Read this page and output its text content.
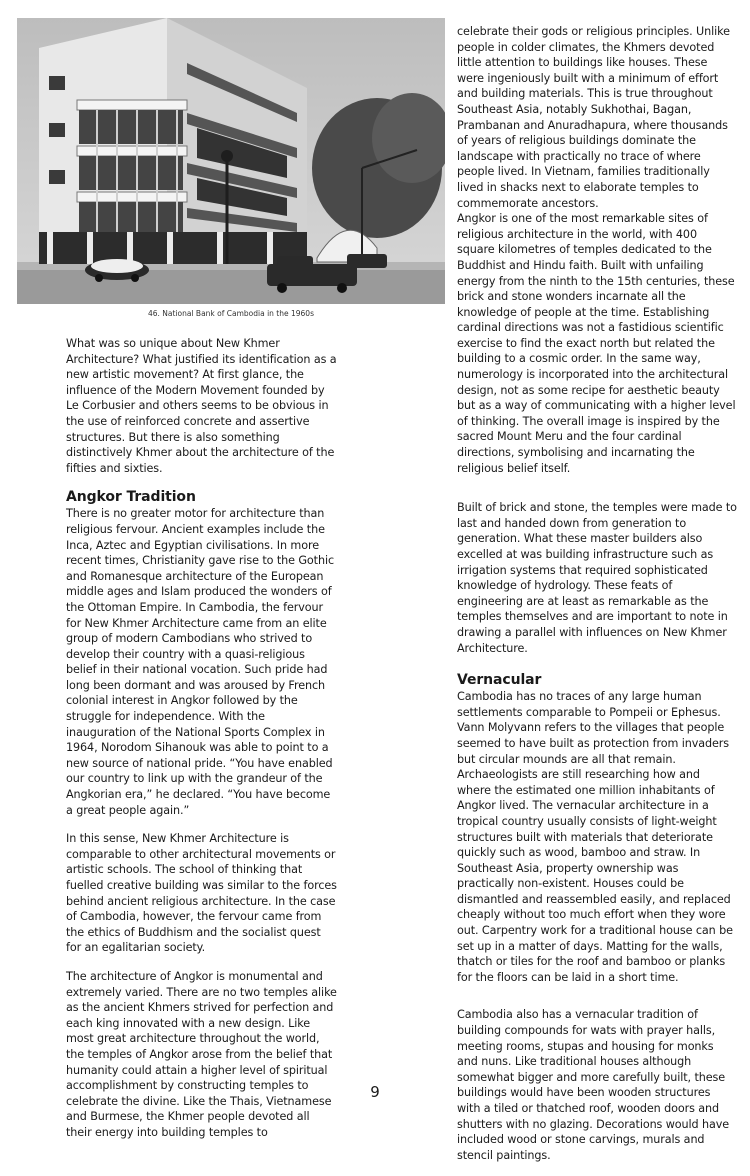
46. National Bank of Cambodia in the 1960s

What was so unique about New Khmer Architecture? What justified its identification as a new artistic movement? At first glance, the influence of the Modern Movement founded by Le Corbusier and others seems to be obvious in the use of reinforced concrete and assertive structures. But there is also something distinctively Khmer about the architecture of the fifties and sixties.

Angkor Tradition

There is no greater motor for architecture than religious fervour. Ancient examples include the Inca, Aztec and Egyptian civilisations. In more recent times, Christianity gave rise to the Gothic and Romanesque architecture of the European middle ages and Islam produced the wonders of the Ottoman Empire. In Cambodia, the fervour for New Khmer Architecture came from an elite group of modern Cambodians who strived to develop their country with a quasi-religious belief in their national vocation. Such pride had long been dormant and was aroused by French colonial interest in Angkor followed by the struggle for independence. With the inauguration of the National Sports Complex in 1964, Norodom Sihanouk was able to point to a new source of national pride. “You have enabled our country to link up with the grandeur of the Angkorian era,” he declared. “You have become a great people again.”

In this sense, New Khmer Architecture is comparable to other architectural movements or artistic schools. The school of thinking that fuelled creative building was similar to the forces behind ancient religious architecture. In the case of Cambodia, however, the fervour came from the ethics of Buddhism and the socialist quest for an egalitarian society.

The architecture of Angkor is monumental and extremely varied. There are no two temples alike as the ancient Khmers strived for perfection and each king innovated with a new design. Like most great architecture throughout the world, the temples of Angkor arose from the belief that humanity could attain a higher level of spiritual accomplishment by constructing temples to celebrate the divine. Like the Thais, Vietnamese and Burmese, the Khmer people devoted all their energy into building temples to

celebrate their gods or religious principles. Unlike people in colder climates, the Khmers devoted little attention to buildings like houses. These were ingeniously built with a minimum of effort and building materials. This is true throughout Southeast Asia, notably Sukhothai, Bagan, Prambanan and Anuradhapura, where thousands of years of religious buildings dominate the landscape with practically no trace of where people lived. In Vietnam, families traditionally lived in shacks next to elaborate temples to commemorate ancestors.

Angkor is one of the most remarkable sites of religious architecture in the world, with 400 square kilometres of temples dedicated to the Buddhist and Hindu faith. Built with unfailing energy from the ninth to the 15th centuries, these brick and stone wonders incarnate all the knowledge of people at the time. Establishing cardinal directions was not a fastidious scientific exercise to find the exact north but related the building to a cosmic order. In the same way, numerology is incorporated into the architectural design, not as some recipe for aesthetic beauty but as a way of communicating with a higher level of thinking. The overall image is inspired by the sacred Mount Meru and the four cardinal directions, symbolising and incarnating the religious belief itself.

Built of brick and stone, the temples were made to last and handed down from generation to generation. What these master builders also excelled at was building infrastructure such as irrigation systems that required sophisticated knowledge of hydrology. These feats of engineering are at least as remarkable as the temples themselves and are important to note in drawing a parallel with influences on New Khmer Architecture.

Vernacular

Cambodia has no traces of any large human settlements comparable to Pompeii or Ephesus. Vann Molyvann refers to the villages that people seemed to have built as protection from invaders but circular mounds are all that remain. Archaeologists are still researching how and where the estimated one million inhabitants of Angkor lived. The vernacular architecture in a tropical country usually consists of light-weight structures built with materials that deteriorate quickly such as wood, bamboo and straw. In Southeast Asia, property ownership was practically non-existent. Houses could be dismantled and reassembled easily, and replaced cheaply without too much effort when they wore out. Carpentry work for a traditional house can be set up in a matter of days. Matting for the walls, thatch or tiles for the roof and bamboo or planks for the floors can be laid in a short time.

Cambodia also has a vernacular tradition of building compounds for wats with prayer halls, meeting rooms, stupas and housing for monks and nuns. Like traditional houses although somewhat bigger and more carefully built, these buildings would have been wooden structures with a tiled or thatched roof, wooden doors and shutters with no glazing. Decorations would have included wood or stone carvings, murals and stencil paintings.

9
